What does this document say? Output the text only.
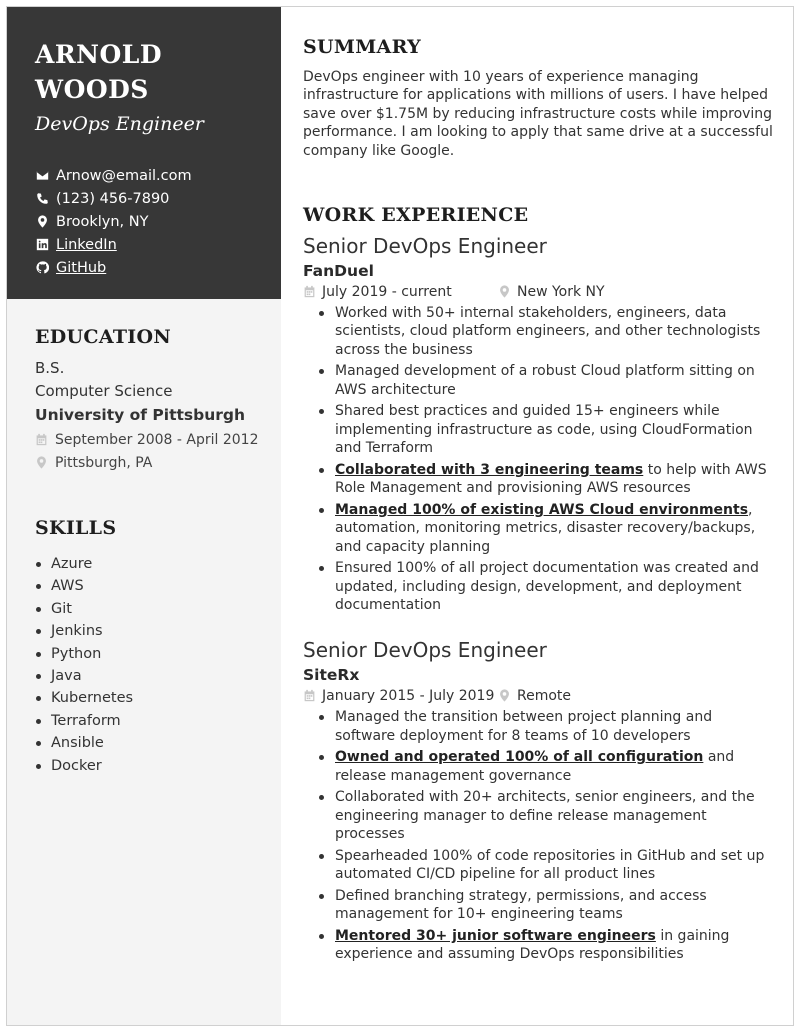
ARNOLD
WOODS
DevOps Engineer
Arnow@email.com
(123) 456-7890
Brooklyn, NY
LinkedIn
GitHub
EDUCATION
B.S.
Computer Science
University of Pittsburgh
September 2008 - April 2012
Pittsburgh, PA
SKILLS
Azure
AWS
Git
Jenkins
Python
Java
Kubernetes
Terraform
Ansible
Docker
SUMMARY
DevOps engineer with 10 years of experience managing infrastructure for applications with millions of users. I have helped save over $1.75M by reducing infrastructure costs while improving performance. I am looking to apply that same drive at a successful company like Google.
WORK EXPERIENCE
Senior DevOps Engineer
FanDuel
July 2019 - current	New York NY
Worked with 50+ internal stakeholders, engineers, data scientists, cloud platform engineers, and other technologists across the business
Managed development of a robust Cloud platform sitting on AWS architecture
Shared best practices and guided 15+ engineers while implementing infrastructure as code, using CloudFormation and Terraform
Collaborated with 3 engineering teams to help with AWS Role Management and provisioning AWS resources
Managed 100% of existing AWS Cloud environments, automation, monitoring metrics, disaster recovery/backups, and capacity planning
Ensured 100% of all project documentation was created and updated, including design, development, and deployment documentation
Senior DevOps Engineer
SiteRx
January 2015 - July 2019 Remote
Managed the transition between project planning and software deployment for 8 teams of 10 developers
Owned and operated 100% of all configuration and release management governance
Collaborated with 20+ architects, senior engineers, and the engineering manager to define release management processes
Spearheaded 100% of code repositories in GitHub and set up automated CI/CD pipeline for all product lines
Defined branching strategy, permissions, and access management for 10+ engineering teams
Mentored 30+ junior software engineers in gaining experience and assuming DevOps responsibilities
